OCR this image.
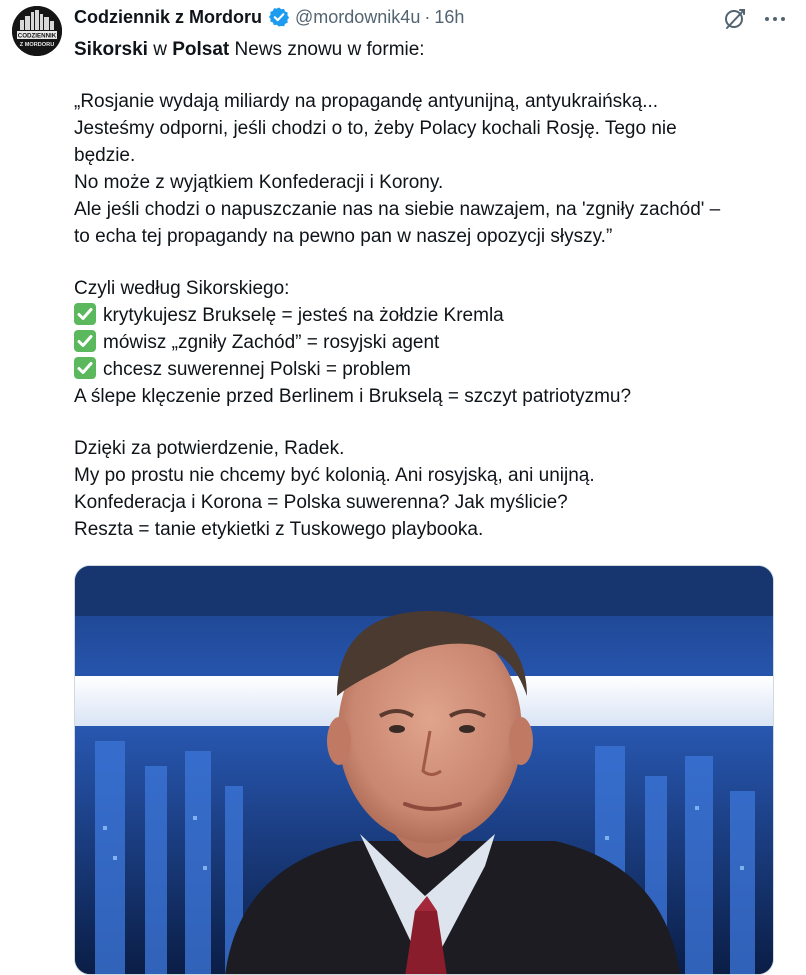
CODZIENNIK
Z MORDORU
Codziennik z Mordoru @mordownik4u · 16h

Sikorski w Polsat News znowu w formie:

„Rosjanie wydają miliardy na propagandę antyunijną, antyukraińską...

Jesteśmy odporni, jeśli chodzi o to, żeby Polacy kochali Rosję. Tego nie

będzie.

No może z wyjątkiem Konfederacji i Korony.

Ale jeśli chodzi o napuszczanie nas na siebie nawzajem, na 'zgniły zachód' –

to echa tej propagandy na pewno pan w naszej opozycji słyszy.”

Czyli według Sikorskiego:

krytykujesz Brukselę = jesteś na żołdzie Kremla

mówisz „zgniły Zachód” = rosyjski agent

chcesz suwerennej Polski = problem

A ślepe klęczenie przed Berlinem i Brukselą = szczyt patriotyzmu?

Dzięki za potwierdzenie, Radek.

My po prostu nie chcemy być kolonią. Ani rosyjską, ani unijną.

Konfederacja i Korona = Polska suwerenna? Jak myślicie?

Reszta = tanie etykietki z Tuskowego playbooka.
